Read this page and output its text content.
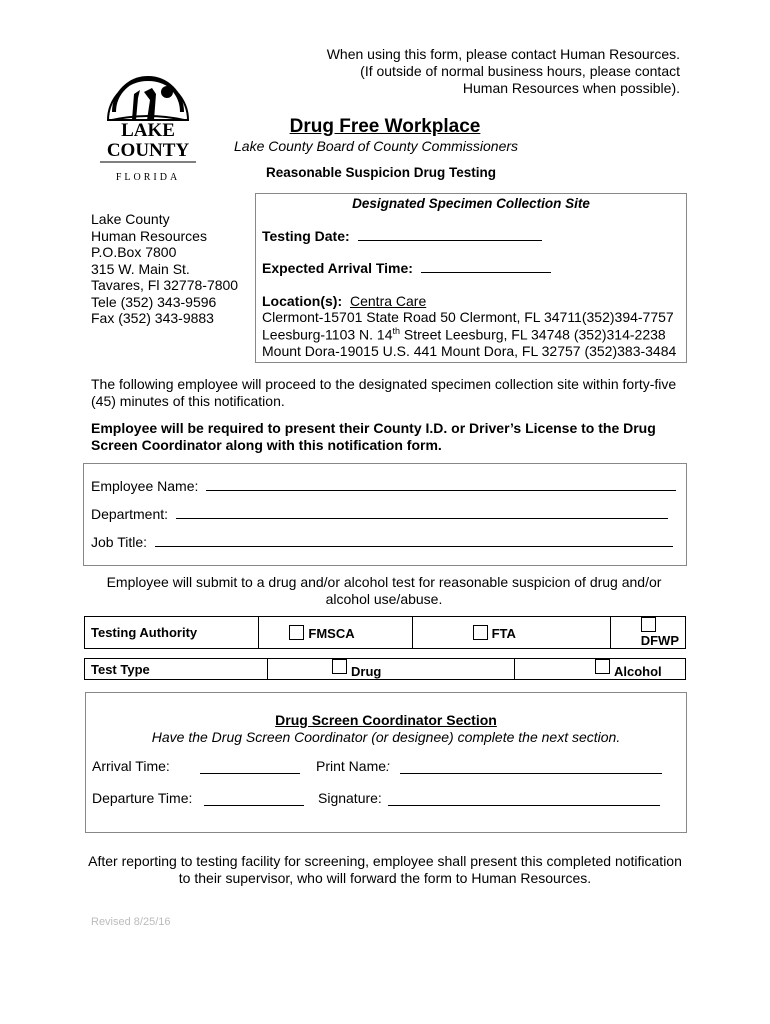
When using this form, please contact Human Resources.
(If outside of normal business hours, please contact
Human Resources when possible).
LAKE
COUNTY
FLORIDA
Drug Free Workplace
Lake County Board of County Commissioners
Reasonable Suspicion Drug Testing
Lake County
Human Resources
P.O.Box 7800
315 W. Main St.
Tavares, Fl 32778-7800
Tele (352) 343-9596
Fax (352) 343-9883
Designated Specimen Collection Site
Testing Date:
Expected Arrival Time:
Location(s): Centra Care
Clermont-15701 State Road 50 Clermont, FL 34711(352)394-7757
Leesburg-1103 N. 14th Street Leesburg, FL 34748 (352)314-2238
Mount Dora-19015 U.S. 441 Mount Dora, FL 32757 (352)383-3484
The following employee will proceed to the designated specimen collection site within forty-five (45) minutes of this notification.
Employee will be required to present their County I.D. or Driver’s License to the Drug Screen Coordinator along with this notification form.
Employee Name:
Department:
Job Title:
Employee will submit to a drug and/or alcohol test for reasonable suspicion of drug and/or
alcohol use/abuse.
Testing Authority	FMSCA	FTA	DFWP
Test Type	Drug	Alcohol
Drug Screen Coordinator Section
Have the Drug Screen Coordinator (or designee) complete the next section.
Arrival Time:	Print Name:
Departure Time:	Signature:
After reporting to testing facility for screening, employee shall present this completed notification
to their supervisor, who will forward the form to Human Resources.
Revised 8/25/16
